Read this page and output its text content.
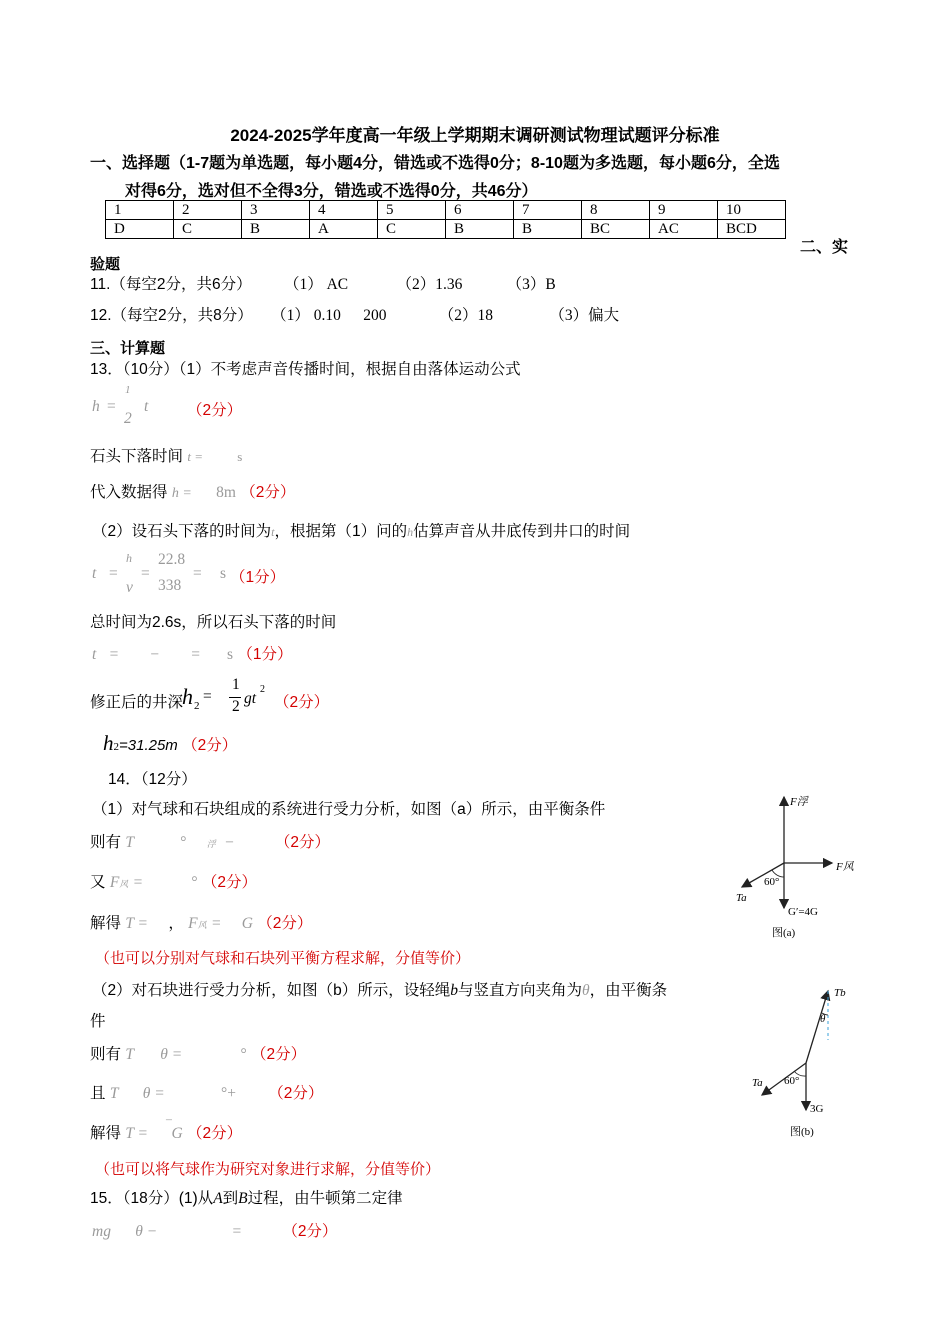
2024-2025学年度高一年级上学期期末调研测试物理试题评分标准
一、选择题（1-7题为单选题，每小题4分，错选或不选得0分；8-10题为多选题，每小题6分，全选
对得6分，选对但不全得3分，错选或不选得0分，共46分）
1	2	3	4	5	6	7	8	9	10
D	C	B	A	C	B	B	BC	AC	BCD
二、实
验题
11.（每空2分，共6分） （1） AC	（2）1.36	（3）B
12.（每空2分，共8分） （1） 0.10 200	（2）18	（3）偏大
三、计算题
13．（10分）（1）不考虑声音传播时间，根据自由落体运动公式
h =
1
2
t （2分）
石头下落时间 t =	s
代入数据得 h = 8m （2分）
（2）设石头下落的时间为t，根据第（1）问的h估算声音从井底传到井口的时间
t =
h
v
=
22.8
338
= s （1分）
总时间为2.6s，所以石头下落的时间
t = − = s （1分）
修正后的井深
h 2
=
1
2 gt
2
（2分）
h2=31.25m （2分）
14．（12分）
（1）对气球和石块组成的系统进行受力分析，如图（a）所示，由平衡条件
则有 T	° 浮 −	（2分）
又 F风 =	° （2分）
解得 T = ， F风 = G （2分）
（也可以分别对气球和石块列平衡方程求解，分值等价）
（2）对石块进行受力分析，如图（b）所示，设轻绳b与竖直方向夹角为θ，由平衡条
件
则有 T θ =	° （2分）
且 T θ =	°+ （2分）
解得 T = ‾G （2分）
（也可以将气球作为研究对象进行求解，分值等价）
15．（18分）(1)从A到B过程，由牛顿第二定律
mg θ −	=	（2分）
F浮
F风
Ta
60°
G′=4G
图(a)
Tb
θ
Ta 60°
3G
图(b)
